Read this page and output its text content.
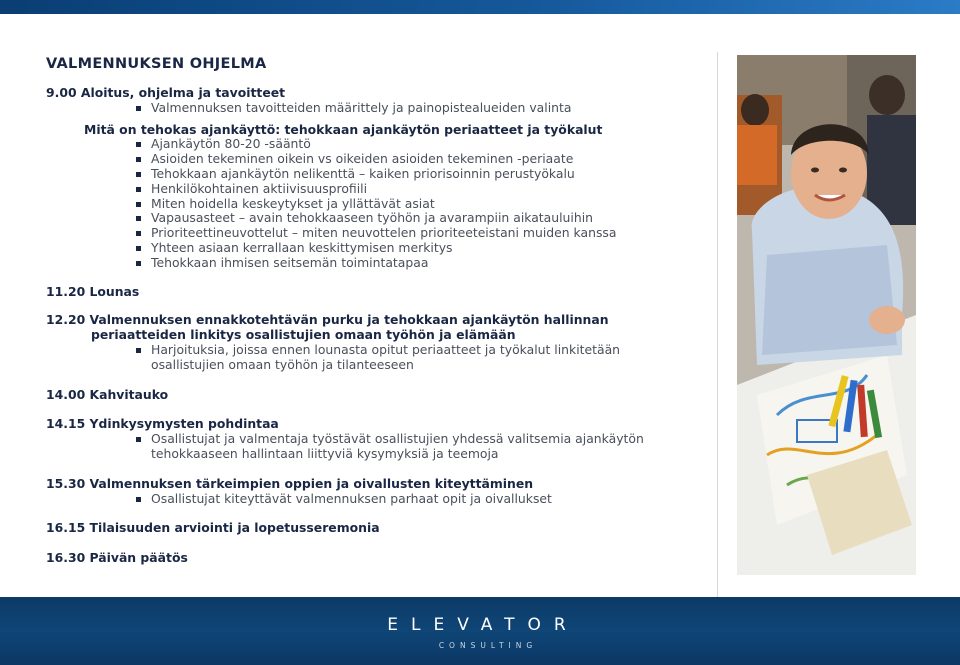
VALMENNUKSEN OHJELMA
9.00 Aloitus, ohjelma ja tavoitteet
Valmennuksen tavoitteiden määrittely ja painopistealueiden valinta
Mitä on tehokas ajankäyttö: tehokkaan ajankäytön periaatteet ja työkalut
Ajankäytön 80-20 -sääntö
Asioiden tekeminen oikein vs oikeiden asioiden tekeminen -periaate
Tehokkaan ajankäytön nelikenttä – kaiken priorisoinnin perustyökalu
Henkilökohtainen aktiivisuusprofiili
Miten hoidella keskeytykset ja yllättävät asiat
Vapausasteet – avain tehokkaaseen työhön ja avarampiin aikatauluihin
Prioriteettineuvottelut – miten neuvottelen prioriteeteistani muiden kanssa
Yhteen asiaan kerrallaan keskittymisen merkitys
Tehokkaan ihmisen seitsemän toimintatapaa
11.20 Lounas
12.20 Valmennuksen ennakkotehtävän purku ja tehokkaan ajankäytön hallinnan
periaatteiden linkitys osallistujien omaan työhön ja elämään
Harjoituksia, joissa ennen lounasta opitut periaatteet ja työkalut linkitetään
osallistujien omaan työhön ja tilanteeseen
14.00 Kahvitauko
14.15 Ydinkysymysten pohdintaa
Osallistujat ja valmentaja työstävät osallistujien yhdessä valitsemia ajankäytön
tehokkaaseen hallintaan liittyviä kysymyksiä ja teemoja
15.30 Valmennuksen tärkeimpien oppien ja oivallusten kiteyttäminen
Osallistujat kiteyttävät valmennuksen parhaat opit ja oivallukset
16.15 Tilaisuuden arviointi ja lopetusseremonia
16.30 Päivän päätös
ELEVATOR
CONSULTING
